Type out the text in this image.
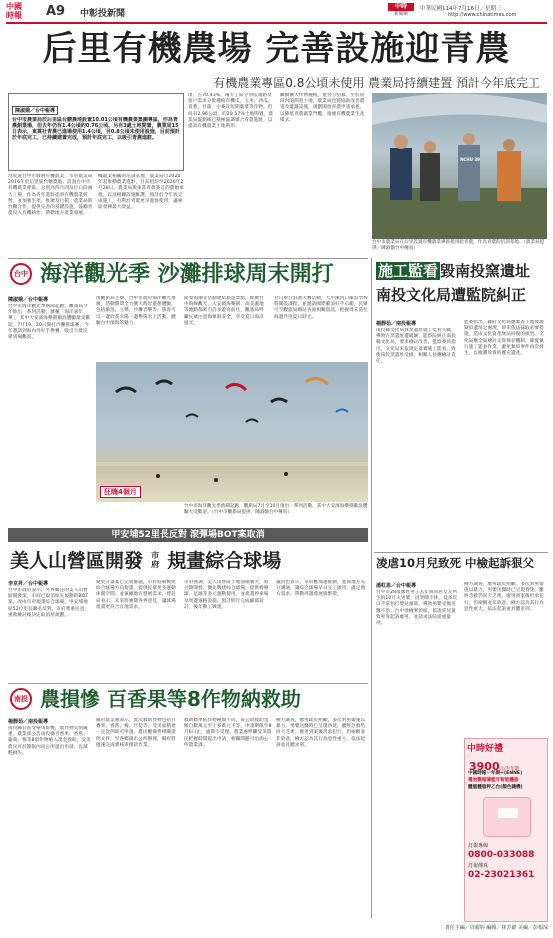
中國
時報	A9 中彰投新聞
中時
新聞網
中華民國114年7月16日／星期三
http://www.chinatimes.com
后里有機農場 完善設施迎青農
有機農業專區0.8公頃未使用 農業局持續建置 預計今年底完工
陳淑娥／台中報導
台中市農業局於后里區台糖農地設置10.01公頃有機農業集團專區，作為青農創業場，但去年仍有1.4公頃約0.76公頃、另有3處土地閒置，農業局15日表示，東蒿社青農已進場使用1.4公頃，另0.8公頃未使用設施，目前預計於年底完工，已持續建置完成，預計年底完工，以吸引青農進駐。
為促進台中市發展有機農業，市府農業局2016年於后里區台糖農地，設置台中市有機農業專區，分別為四月四及位口段兩大工場，作為青年進駐從事有機農業經營，並加強生產、推廣及行銷。農業局與台糖合作，提供完善的基礎設施，鼓勵青農投入有機耕作，帶動地方產業發展。
機農業相關的培訓基地，農業局自2020年起推動農業進駐，目前租約至2026年2月28日。農業局與東蒿青農簽訂的農地承租，以及相關設施維護，預計於今年底完成施工，有利於青農更早進駐使用，讓專區發揮最大效益。
頃，占70.43%，兩大工區分別依適路及客戶需求分批種植有機瓜、玉米、西瓜、青蔥、甘藷，小麥及短期葉菜等作物。但尚有2.96公頃，約29.57%土地閒置，農業局盤點後已積極協調媒合青農進駐，以提高有機農業土地利用。
繼續擴大作物種植，並努力招募。至於同段內的閒置土地，農業局也將協助改善農電及灌溉設施，規劃開放青農申請承租，以降低青農創業門檻，推廣有機農業生產模式。
NCHU 39
台中市農業局在后里設置有機農業專區租用給青農，作為青農的培訓基地。（農業局提供／陳淑娥台中傳真）
台中 海洋觀光季 沙灘排球周末開打
陳淑娥／台中報導
台中市海洋觀光季熱鬧起跑，觀旅局今年推出一系列活動，號稱「海洋嘉年華」，其中大安濱海樂園衝浪體驗最受歡迎。7月19、20日開打沙灘排球賽，今年邀請到海內外好手參賽，吸引大批民眾到場觀賞。
由觀旅局主辦、台中市政府海洋觀光推廣，活動期間全力擴大海岸遊憩體驗，包括衝浪、立槳、沙灘音樂等，旅客可以一邊欣賞夕陽一邊參與水上活動，體驗台中濱海的魅力。
面奏海潮等活動連結旅遊景點，推廣台中海線觀光，大安濱海樂園、高美濕地等地點都吸引許多遊客前往，觀旅局呼籲民眾注意海象與安全，享受夏日海洋風光。
甘日舉行浪湧大賽活動，大甲溪河口衝浪學校將開設課程，並邀請國際衝浪好手示範，民眾可至觀旅局網站查詢相關資訊，把握周末前往海邊共度夏日時光。
狂嗨4個月
台中市海洋觀光季熱鬧起跑，觀旅局7月至10月推出一系列活動，其中大安濱海樂園衝浪體驗大受歡迎。（台中市觀旅局提供／陳淑娥台中傳真）
施工監看 毀南投窯遺址
南投文化局遭監院糾正
楊靜茹／南投報導
南投縣文化局對窯遺址施工監看失職，導致古窯遺址遭破壞，監察院糾正南投縣文化局，要求檢討改善。監察委員指出，文化局未依規定落實施工監看，致使南投窯遺址受損，相關人員應檢討責任。
監委指出，縣府文化局應審查工地發現疑似遺址之處理，卻未依法採取必要措施，造成文化資產無法回復的損害。文化局應全面檢討文資保存機制，確實執行施工監看作業，避免類似事件再次發生，以維護珍貴的歷史遺產。
凌虐10月兒致死 中檢起訴狠父
潘虹恩／台中報導
台中市28歲廖姓男子去年與同居女友所生的10月大男嬰，因哭鬧不休，竟多次以手掌拍打嬰兒頭部，導致男嬰受傷送醫不治。台中地檢署偵結，依凌虐兒童致死罪起訴廖男，並請求法院從重量刑。
檢方調查，廖男疏於照顧，多次對男嬰施以暴力，男嬰送醫時已呈現昏迷，雖經急救仍回天乏術。廖男到案後坦承犯行，但辯稱並非故意，檢方認為其行為惡性重大，依法起訴並具體求刑。
中時好禮
3900元/半年期
中國時報一年期+(ENNE)
電池數超薄藍牙智能體脂
體重體脂秤乙台(顏色隨機)
訂報專線
0800-033088
訂報傳真
02-23021361
甲安埔52里長反對 滾彈場BOT案取消
美人山營區開發 市
府 規畫綜合球場
李京昇／台中報導
台中市政府表示，外界關注的美人山營區開發案，市府已取消原先規劃的BOT案，改由市府規畫綜合球場。甲安埔地區52位里長聯名反對，市府尊重民意，重新檢討後決定取消原規劃。
變更計畫案已完成審議，市府將朝興建綜合球場方向規畫，提供民眾更多運動休閒空間，並兼顧地方發展需求。建設局表示，未來將廣徵各界意見，讓球場規畫更符合在地需求。
市府強調，美人山營區土地面積廣大，將分期開發，優先興建綜合球場，提供棒壘球、足球等多元運動使用，並規畫停車場及周邊道路設施，預計明年完成細部設計，後年動工興建。
議員也表示，市府應加速推動，並與地方充分溝通，讓綜合球場早日完工啟用，滿足地方需求，帶動周邊發展與繁榮。
南投 農損慘 百香果等8作物納救助
楊靜茹／南投報導
南投縣日前受豪雨影響，農作物災情嚴重，農業部公告南投縣百香果、香蕉、葡萄、梅等8項作物納入現金救助，受災農民可於期限內向公所提出申請，以減輕損失。
縣府農業處表示，此次救助作物包括百香果、香蕉、梅、竹筍等，受災面積達一定比例即可申請。農民應備齊相關證明文件，至各鄉鎮市公所辦理，縣府將儘速完成審核與撥款作業。
救助標準依作物種類不同，每公頃救助金額自數萬元至十多萬元不等，申請期限至8月6日止，逾期不受理。農業處呼籲受災農民把握時間提出申請，相關問題可洽詢公所農業課。
檢方調查，廖男疏於照顧，多次對男嬰施以暴力，男嬰送醫時已呈現昏迷，雖經急救仍回天乏術。廖男到案後坦承犯行，但辯稱並非故意，檢方認為其行為惡性重大，依法起訴並具體求刑。
責任主編／周麗婷 編輯／林芳錦 美編／彭根深
